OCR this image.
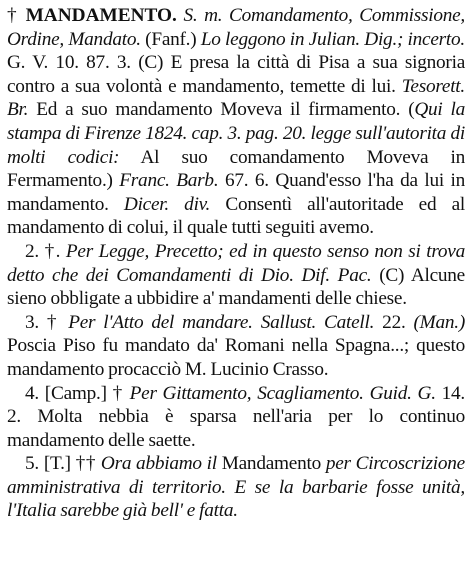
† MANDAMENTO. S. m. Comandamento, Commissione, Ordine, Mandato. (Fanf.) Lo leggono in Julian. Dig.; incerto. G. V. 10. 87. 3. (C) E presa la città di Pisa a sua signoria contro a sua volontà e mandamento, temette di lui. Tesorett. Br. Ed a suo mandamento Moveva il firmamento. (Qui la stampa di Firenze 1824. cap. 3. pag. 20. legge sull'autorita di molti codici: Al suo comandamento Moveva in Fermamento.) Franc. Barb. 67. 6. Quand'esso l'ha da lui in mandamento. Dicer. div. Consentì all'autoritade ed al mandamento di colui, il quale tutti seguiti avemo.

2. †. Per Legge, Precetto; ed in questo senso non si trova detto che dei Comandamenti di Dio. Dif. Pac. (C) Alcune sieno obbligate a ubbidire a' mandamenti delle chiese.

3. † Per l'Atto del mandare. Sallust. Catell. 22. (Man.) Poscia Piso fu mandato da' Romani nella Spagna...; questo mandamento procacciò M. Lucinio Crasso.

4. [Camp.] † Per Gittamento, Scagliamento. Guid. G. 14. 2. Molta nebbia è sparsa nell'aria per lo continuo mandamento delle saette.

5. [T.] †† Ora abbiamo il Mandamento per Circoscrizione amministrativa di territorio. E se la barbarie fosse unità, l'Italia sarebbe già bell' e fatta.
